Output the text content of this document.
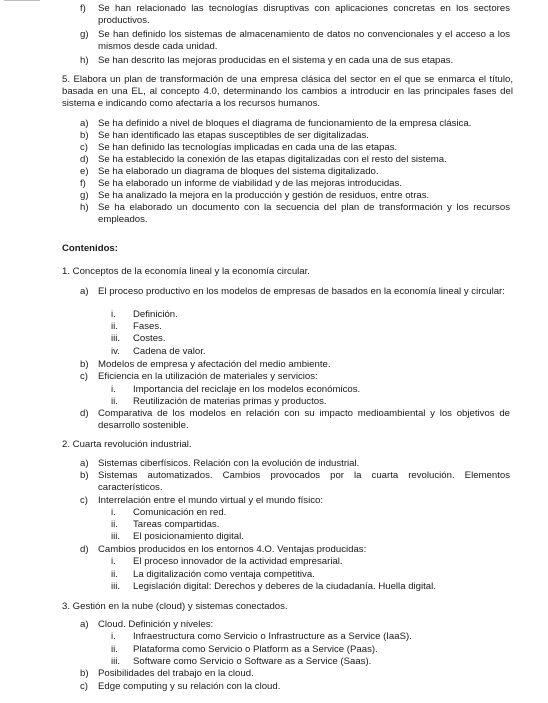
f) Se han relacionado las tecnologías disruptivas con aplicaciones concretas en los sectores productivos.
g) Se han definido los sistemas de almacenamiento de datos no convencionales y el acceso a los mismos desde cada unidad.
h) Se han descrito las mejoras producidas en el sistema y en cada una de sus etapas.
5. Elabora un plan de transformación de una empresa clásica del sector en el que se enmarca el título, basada en una EL, al concepto 4.0, determinando los cambios a introducir en las principales fases del sistema e indicando como afectaría a los recursos humanos.
a) Se ha definido a nivel de bloques el diagrama de funcionamiento de la empresa clásica.
b) Se han identificado las etapas susceptibles de ser digitalizadas.
c) Se han definido las tecnologías implicadas en cada una de las etapas.
d) Se ha establecido la conexión de las etapas digitalizadas con el resto del sistema.
e) Se ha elaborado un diagrama de bloques del sistema digitalizado.
f) Se ha elaborado un informe de viabilidad y de las mejoras introducidas.
g) Se ha analizado la mejora en la producción y gestión de residuos, entre otras.
h) Se ha elaborado un documento con la secuencia del plan de transformación y los recursos empleados.
Contenidos:
1. Conceptos de la economía lineal y la economía circular.
a) El proceso productivo en los modelos de empresas de basados en la economía lineal y circular:
i. Definición.
ii. Fases.
iii. Costes.
iv. Cadena de valor.
b) Modelos de empresa y afectación del medio ambiente.
c) Eficiencia en la utilización de materiales y servicios:
i. Importancia del reciclaje en los modelos económicos.
ii. Reutilización de materias primas y productos.
d) Comparativa de los modelos en relación con su impacto medioambiental y los objetivos de desarrollo sostenible.
2. Cuarta revolución industrial.
a) Sistemas ciberfísicos. Relación con la evolución de industrial.
b) Sistemas automatizados. Cambios provocados por la cuarta revolución. Elementos característicos.
c) Interrelación entre el mundo virtual y el mundo físico:
i. Comunicación en red.
ii. Tareas compartidas.
iii. El posicionamiento digital.
d) Cambios producidos en los entornos 4.O. Ventajas producidas:
i. El proceso innovador de la actividad empresarial.
ii. La digitalización como ventaja competitiva.
iii. Legislación digital: Derechos y deberes de la ciudadanía. Huella digital.
3. Gestión en la nube (cloud) y sistemas conectados.
a) Cloud. Definición y niveles:
i. Infraestructura como Servicio o Infrastructure as a Service (IaaS).
ii. Plataforma como Servicio o Platform as a Service (Paas).
iii. Software como Servicio o Software as a Service (Saas).
b) Posibilidades del trabajo en la cloud.
c) Edge computing y su relación con la cloud.
